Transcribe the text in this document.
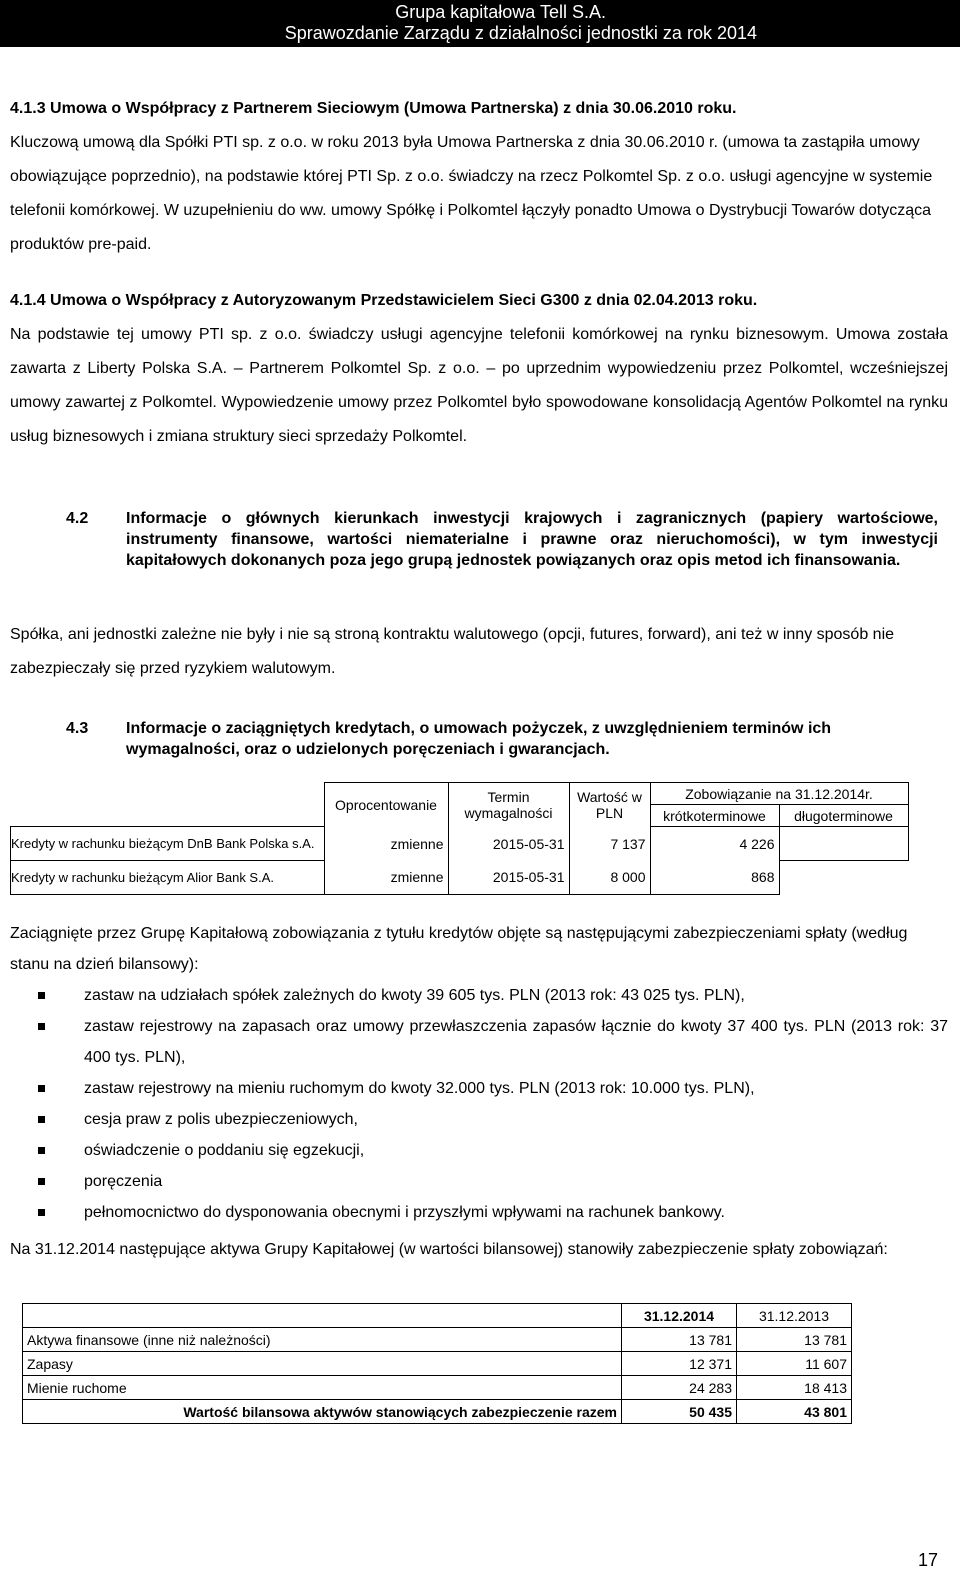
Grupa kapitałowa Tell S.A.
Sprawozdanie Zarządu z działalności jednostki za rok 2014
4.1.3 Umowa o Współpracy z Partnerem Sieciowym (Umowa Partnerska) z dnia 30.06.2010 roku.
Kluczową umową dla Spółki PTI sp. z o.o. w roku 2013 była Umowa Partnerska z dnia 30.06.2010 r. (umowa ta zastąpiła umowy obowiązujące poprzednio), na podstawie której PTI Sp. z o.o. świadczy na rzecz Polkomtel Sp. z o.o. usługi agencyjne w systemie telefonii komórkowej. W uzupełnieniu do ww. umowy Spółkę i Polkomtel łączyły ponadto Umowa o Dystrybucji Towarów dotycząca produktów pre-paid.
4.1.4 Umowa o Współpracy z Autoryzowanym Przedstawicielem Sieci G300 z dnia 02.04.2013 roku.
Na podstawie tej umowy PTI sp. z o.o. świadczy usługi agencyjne telefonii komórkowej na rynku biznesowym. Umowa została zawarta z Liberty Polska S.A. – Partnerem Polkomtel Sp. z o.o. – po uprzednim wypowiedzeniu przez Polkomtel, wcześniejszej umowy zawartej z Polkomtel. Wypowiedzenie umowy przez Polkomtel było spowodowane konsolidacją Agentów Polkomtel na rynku usług biznesowych i zmiana struktury sieci sprzedaży Polkomtel.
4.2 Informacje o głównych kierunkach inwestycji krajowych i zagranicznych (papiery wartościowe, instrumenty finansowe, wartości niematerialne i prawne oraz nieruchomości), w tym inwestycji kapitałowych dokonanych poza jego grupą jednostek powiązanych oraz opis metod ich finansowania.
Spółka, ani jednostki zależne nie były i nie są stroną kontraktu walutowego (opcji, futures, forward), ani też w inny sposób nie zabezpieczały się przed ryzykiem walutowym.
4.3 Informacje o zaciągniętych kredytach, o umowach pożyczek, z uwzględnieniem terminów ich wymagalności, oraz o udzielonych poręczeniach i gwarancjach.
	Oprocentowanie	Termin wymagalności	Wartość w PLN	Zobowiązanie na 31.12.2014r.	
				krótkoterminowe	długoterminowe
Kredyty w rachunku bieżącym DnB Bank Polska s.A.	zmienne	2015-05-31	7 137	4 226	
Kredyty w rachunku bieżącym Alior Bank S.A.	zmienne	2015-05-31	8 000	868	
Zaciągnięte przez Grupę Kapitałową zobowiązania z tytułu kredytów objęte są następującymi zabezpieczeniami spłaty (według stanu na dzień bilansowy):
zastaw na udziałach spółek zależnych do kwoty 39 605 tys. PLN (2013 rok: 43 025 tys. PLN),
zastaw rejestrowy na zapasach oraz umowy przewłaszczenia zapasów łącznie do kwoty 37 400 tys. PLN (2013 rok: 37 400 tys. PLN),
zastaw rejestrowy na mieniu ruchomym do kwoty 32.000 tys. PLN (2013 rok: 10.000 tys. PLN),
cesja praw z polis ubezpieczeniowych,
oświadczenie o poddaniu się egzekucji,
poręczenia
pełnomocnictwo do dysponowania obecnymi i przyszłymi wpływami na rachunek bankowy.
Na 31.12.2014 następujące aktywa Grupy Kapitałowej (w wartości bilansowej) stanowiły zabezpieczenie spłaty zobowiązań:
	31.12.2014	31.12.2013
Aktywa finansowe (inne niż należności)	13 781	13 781
Zapasy	12 371	11 607
Mienie ruchome	24 283	18 413
Wartość bilansowa aktywów stanowiących zabezpieczenie razem	50 435	43 801
17
